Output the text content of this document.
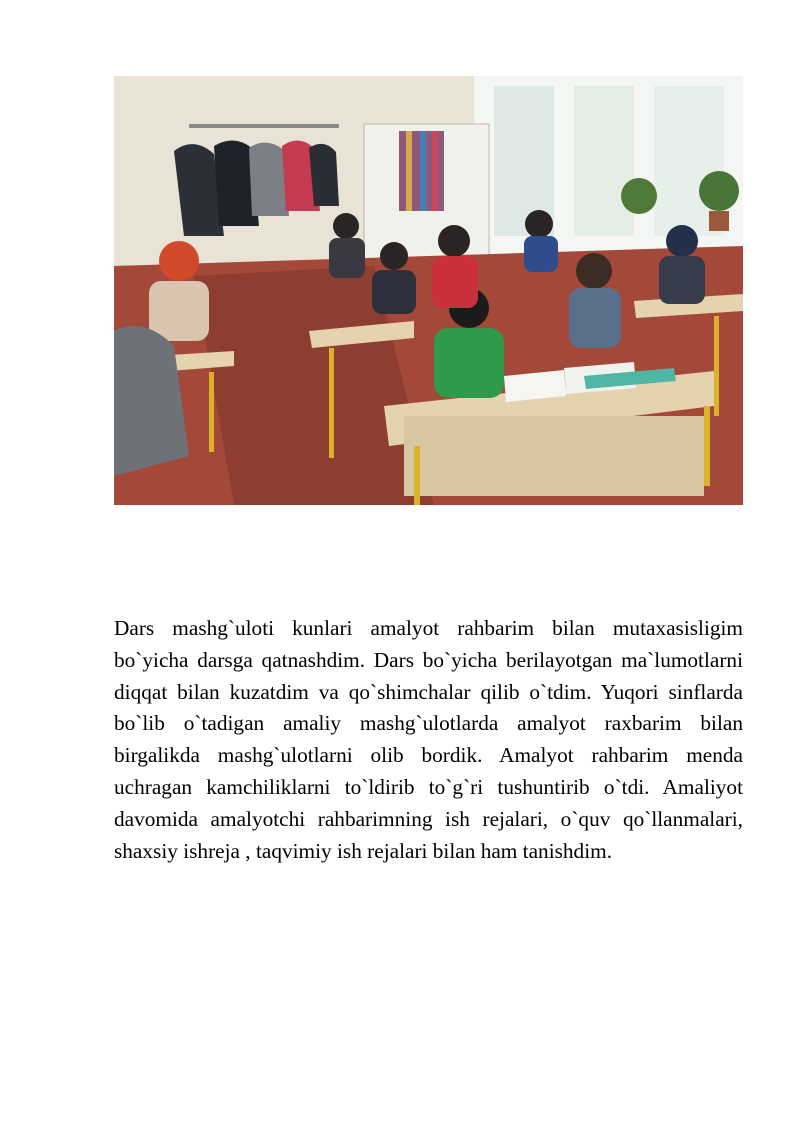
Dars mashg`uloti kunlari amalyot rahbarim bilan mutaxasisligim bo`yicha darsga qatnashdim. Dars bo`yicha berilayotgan ma`lumotlarni diqqat bilan kuzatdim va qo`shimchalar qilib o`tdim. Yuqori sinflarda bo`lib o`tadigan amaliy mashg`ulotlarda amalyot raxbarim bilan birgalikda mashg`ulotlarni olib bordik. Amalyot rahbarim menda uchragan kamchiliklarni to`ldirib to`g`ri tushuntirib o`tdi. Amaliyot davomida amalyotchi rahbarimning ish rejalari, o`quv qo`llanmalari, shaxsiy ishreja , taqvimiy ish rejalari bilan ham tanishdim.
